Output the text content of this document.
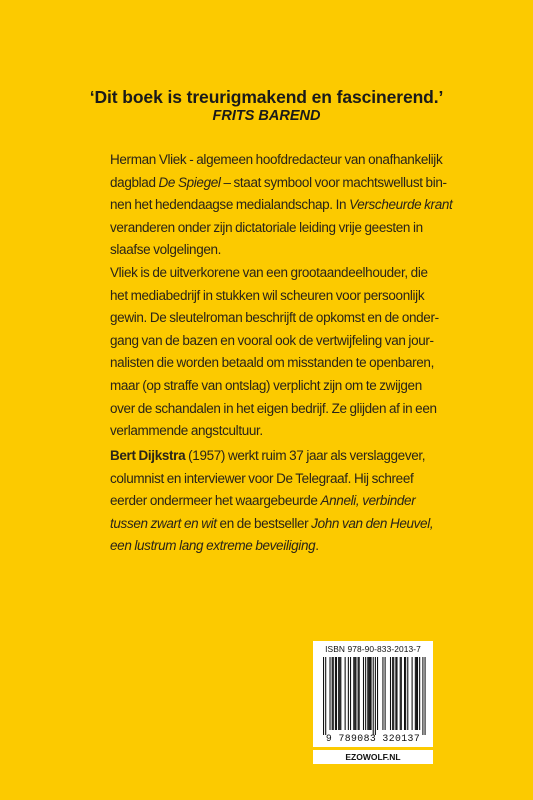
‘Dit boek is treurigmakend en fascinerend.’
FRITS BAREND
Herman Vliek - algemeen hoofdredacteur van onafhankelijk
dagblad De Spiegel – staat symbool voor machtswellust bin-
nen het hedendaagse medialandschap. In Verscheurde krant
veranderen onder zijn dictatoriale leiding vrije geesten in
slaafse volgelingen.
Vliek is de uitverkorene van een grootaandeelhouder, die
het mediabedrijf in stukken wil scheuren voor persoonlijk
gewin. De sleutelroman beschrijft de opkomst en de onder-
gang van de bazen en vooral ook de vertwijfeling van jour-
nalisten die worden betaald om misstanden te openbaren,
maar (op straffe van ontslag) verplicht zijn om te zwijgen
over de schandalen in het eigen bedrijf. Ze glijden af in een
verlammende angstcultuur.
Bert Dijkstra (1957) werkt ruim 37 jaar als verslaggever,
columnist en interviewer voor De Telegraaf. Hij schreef
eerder ondermeer het waargebeurde Anneli, verbinder
tussen zwart en wit en de bestseller John van den Heuvel,
een lustrum lang extreme beveiliging.
ISBN 978-90-833-2013-7
9 789083 320137
EZOWOLF.NL
